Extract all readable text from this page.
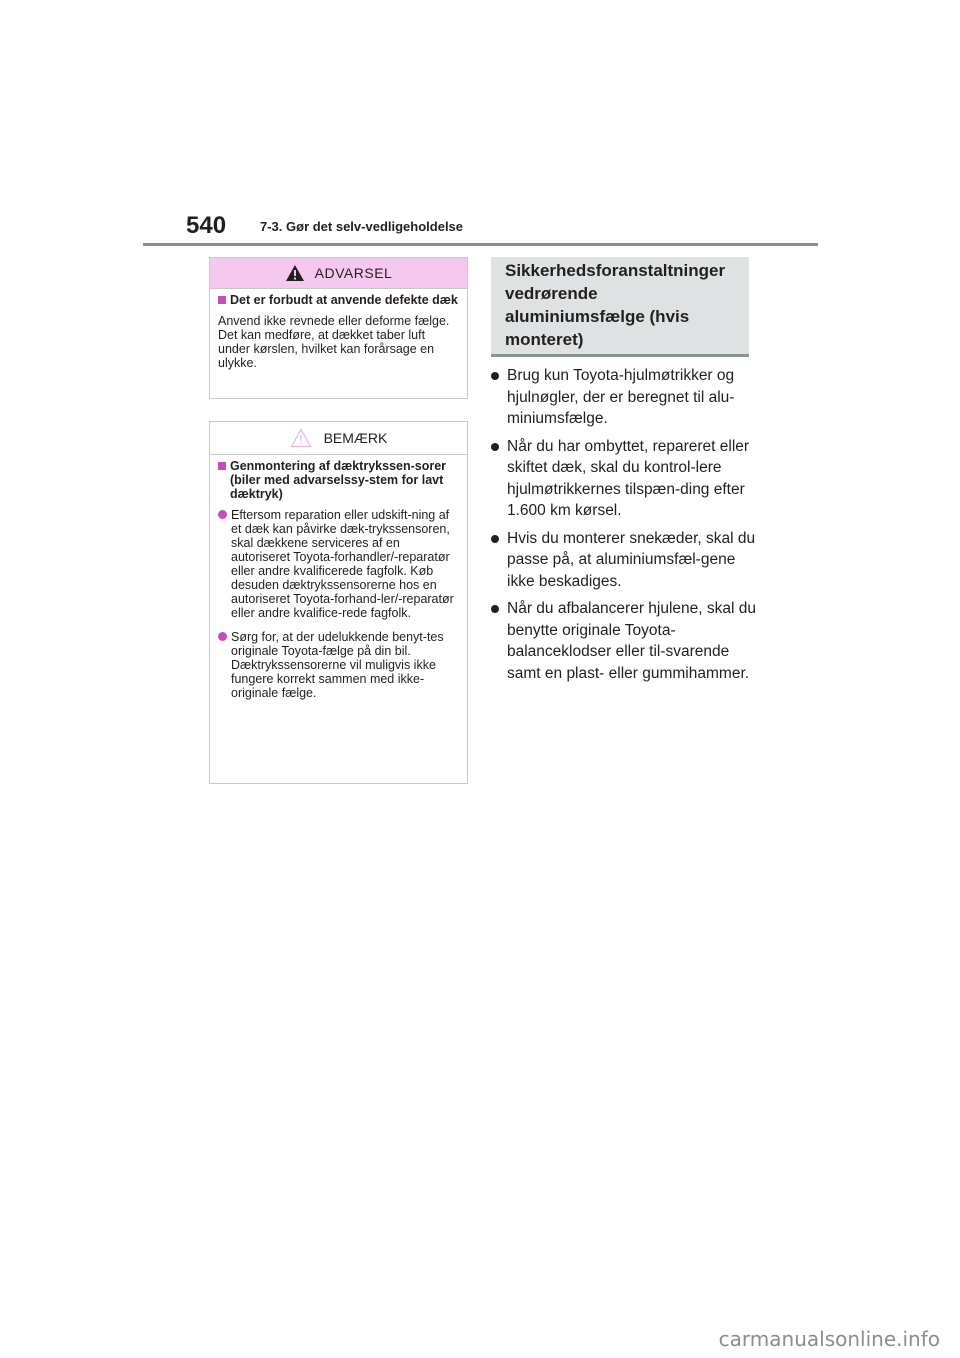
540	7-3. Gør det selv-vedligeholdelse
ADVARSEL
Det er forbudt at anvende defekte dæk
Anvend ikke revnede eller deforme fælge. Det kan medføre, at dækket taber luft under kørslen, hvilket kan forårsage en ulykke.
BEMÆRK
Genmontering af dæktrykssen-sorer (biler med advarselssy-stem for lavt dæktryk)
Eftersom reparation eller udskift-ning af et dæk kan påvirke dæk-trykssensoren, skal dækkene serviceres af en autoriseret Toyota-forhandler/-reparatør eller andre kvalificerede fagfolk. Køb desuden dæktrykssensorerne hos en autoriseret Toyota-forhand-ler/-reparatør eller andre kvalifice-rede fagfolk.
Sørg for, at der udelukkende benyt-tes originale Toyota-fælge på din bil.
Dæktrykssensorerne vil muligvis ikke fungere korrekt sammen med ikke-originale fælge.
Sikkerhedsforanstaltninger vedrørende aluminiumsfælge (hvis monteret)
Brug kun Toyota-hjulmøtrikker og hjulnøgler, der er beregnet til alu-miniumsfælge.
Når du har ombyttet, repareret eller skiftet dæk, skal du kontrol-lere hjulmøtrikkernes tilspæn-ding efter 1.600 km kørsel.
Hvis du monterer snekæder, skal du passe på, at aluminiumsfæl-gene ikke beskadiges.
Når du afbalancerer hjulene, skal du benytte originale Toyota-balanceklodser eller til-svarende samt en plast- eller gummihammer.
carmanualsonline.info
